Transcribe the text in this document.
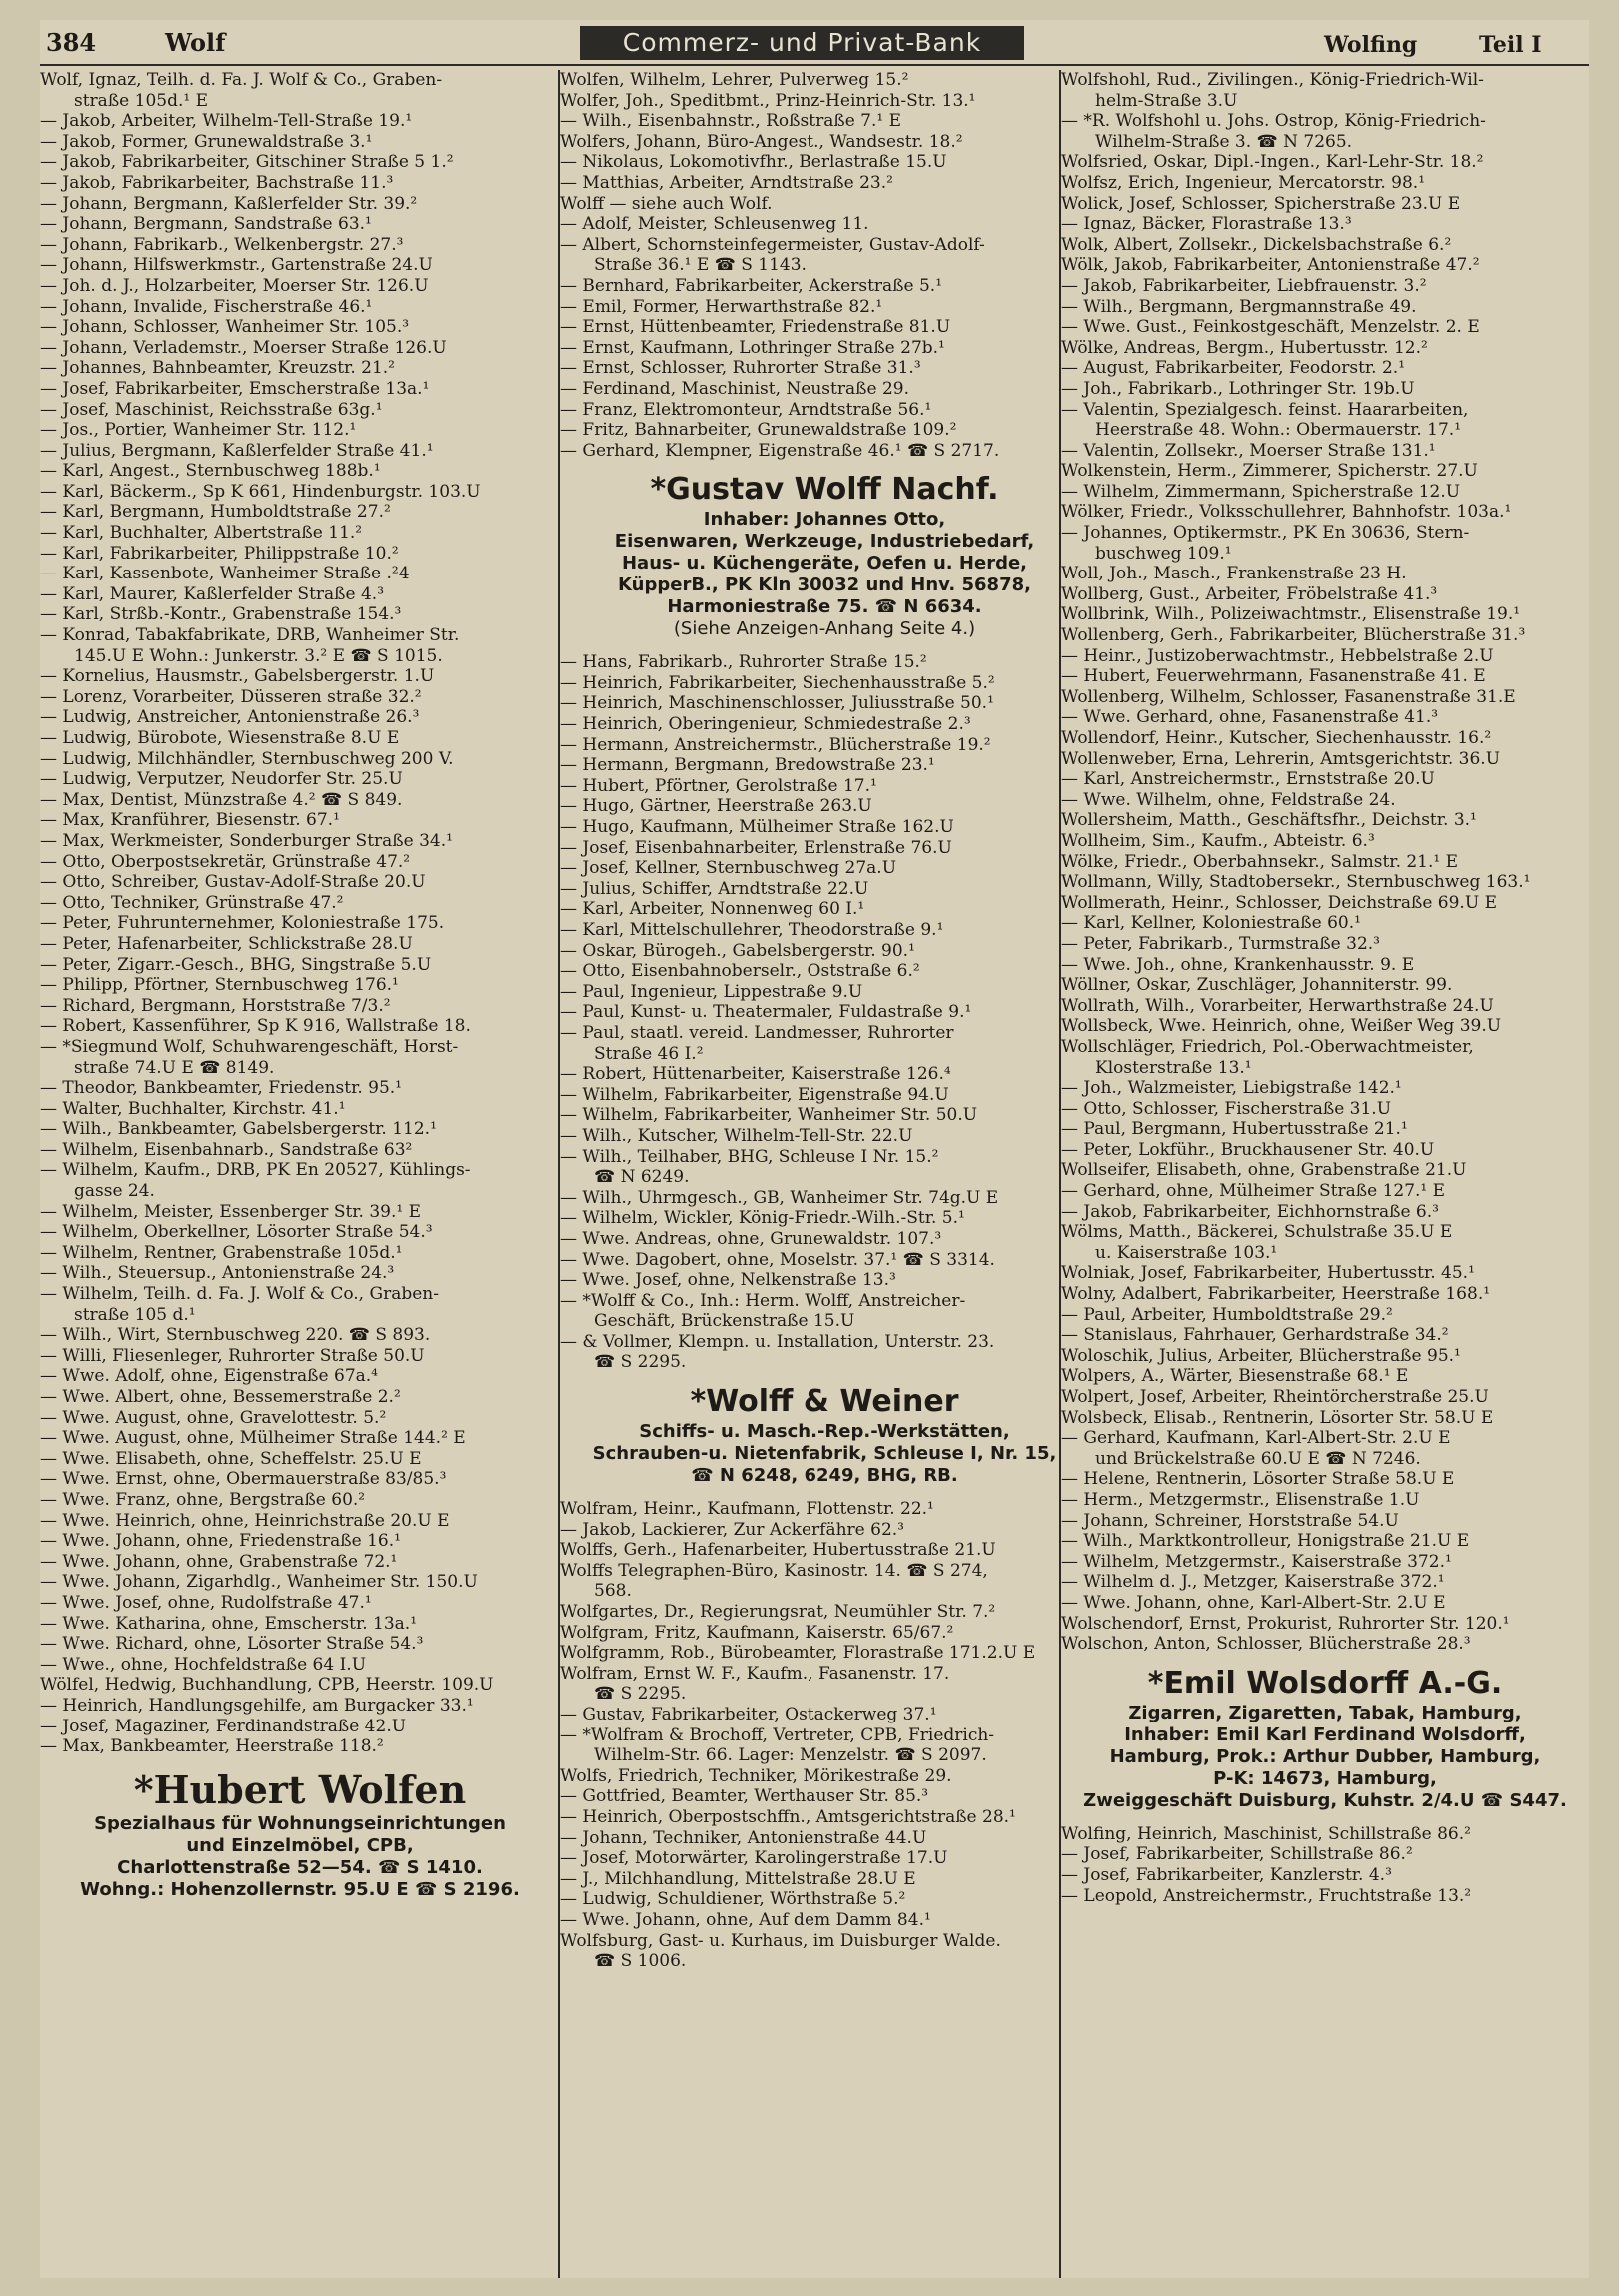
384	Wolf	Commerz- und Privat-Bank	Wolfing	Teil I
Wolf, Ignaz, Teilh. d. Fa. J. Wolf & Co., Graben-
straße 105d.¹ E
— Jakob, Arbeiter, Wilhelm-Tell-Straße 19.¹
— Jakob, Former, Grunewaldstraße 3.¹
— Jakob, Fabrikarbeiter, Gitschiner Straße 5 1.²
— Jakob, Fabrikarbeiter, Bachstraße 11.³
— Johann, Bergmann, Kaßlerfelder Str. 39.²
— Johann, Bergmann, Sandstraße 63.¹
— Johann, Fabrikarb., Welkenbergstr. 27.³
— Johann, Hilfswerkmstr., Gartenstraße 24.U
— Joh. d. J., Holzarbeiter, Moerser Str. 126.U
— Johann, Invalide, Fischerstraße 46.¹
— Johann, Schlosser, Wanheimer Str. 105.³
— Johann, Verlademstr., Moerser Straße 126.U
— Johannes, Bahnbeamter, Kreuzstr. 21.²
— Josef, Fabrikarbeiter, Emscherstraße 13a.¹
— Josef, Maschinist, Reichsstraße 63g.¹
— Jos., Portier, Wanheimer Str. 112.¹
— Julius, Bergmann, Kaßlerfelder Straße 41.¹
— Karl, Angest., Sternbuschweg 188b.¹
— Karl, Bäckerm., Sp K 661, Hindenburgstr. 103.U
— Karl, Bergmann, Humboldtstraße 27.²
— Karl, Buchhalter, Albertstraße 11.²
— Karl, Fabrikarbeiter, Philippstraße 10.²
— Karl, Kassenbote, Wanheimer Straße .²4
— Karl, Maurer, Kaßlerfelder Straße 4.³
— Karl, Strßb.-Kontr., Grabenstraße 154.³
— Konrad, Tabakfabrikate, DRB, Wanheimer Str.
145.U E Wohn.: Junkerstr. 3.² E ☎ S 1015.
— Kornelius, Hausmstr., Gabelsbergerstr. 1.U
— Lorenz, Vorarbeiter, Düsseren straße 32.²
— Ludwig, Anstreicher, Antonienstraße 26.³
— Ludwig, Bürobote, Wiesenstraße 8.U E
— Ludwig, Milchhändler, Sternbuschweg 200 V.
— Ludwig, Verputzer, Neudorfer Str. 25.U
— Max, Dentist, Münzstraße 4.² ☎ S 849.
— Max, Kranführer, Biesenstr. 67.¹
— Max, Werkmeister, Sonderburger Straße 34.¹
— Otto, Oberpostsekretär, Grünstraße 47.²
— Otto, Schreiber, Gustav-Adolf-Straße 20.U
— Otto, Techniker, Grünstraße 47.²
— Peter, Fuhrunternehmer, Koloniestraße 175.
— Peter, Hafenarbeiter, Schlickstraße 28.U
— Peter, Zigarr.-Gesch., BHG, Singstraße 5.U
— Philipp, Pförtner, Sternbuschweg 176.¹
— Richard, Bergmann, Horststraße 7/3.²
— Robert, Kassenführer, Sp K 916, Wallstraße 18.
— *Siegmund Wolf, Schuhwarengeschäft, Horst-
straße 74.U E ☎ 8149.
— Theodor, Bankbeamter, Friedenstr. 95.¹
— Walter, Buchhalter, Kirchstr. 41.¹
— Wilh., Bankbeamter, Gabelsbergerstr. 112.¹
— Wilhelm, Eisenbahnarb., Sandstraße 63²
— Wilhelm, Kaufm., DRB, PK En 20527, Kühlings-
gasse 24.
— Wilhelm, Meister, Essenberger Str. 39.¹ E
— Wilhelm, Oberkellner, Lösorter Straße 54.³
— Wilhelm, Rentner, Grabenstraße 105d.¹
— Wilh., Steuersup., Antonienstraße 24.³
— Wilhelm, Teilh. d. Fa. J. Wolf & Co., Graben-
straße 105 d.¹
— Wilh., Wirt, Sternbuschweg 220. ☎ S 893.
— Willi, Fliesenleger, Ruhrorter Straße 50.U
— Wwe. Adolf, ohne, Eigenstraße 67a.⁴
— Wwe. Albert, ohne, Bessemerstraße 2.²
— Wwe. August, ohne, Gravelottestr. 5.²
— Wwe. August, ohne, Mülheimer Straße 144.² E
— Wwe. Elisabeth, ohne, Scheffelstr. 25.U E
— Wwe. Ernst, ohne, Obermauerstraße 83/85.³
— Wwe. Franz, ohne, Bergstraße 60.²
— Wwe. Heinrich, ohne, Heinrichstraße 20.U E
— Wwe. Johann, ohne, Friedenstraße 16.¹
— Wwe. Johann, ohne, Grabenstraße 72.¹
— Wwe. Johann, Zigarhdlg., Wanheimer Str. 150.U
— Wwe. Josef, ohne, Rudolfstraße 47.¹
— Wwe. Katharina, ohne, Emscherstr. 13a.¹
— Wwe. Richard, ohne, Lösorter Straße 54.³
— Wwe., ohne, Hochfeldstraße 64 I.U
Wölfel, Hedwig, Buchhandlung, CPB, Heerstr. 109.U
— Heinrich, Handlungsgehilfe, am Burgacker 33.¹
— Josef, Magaziner, Ferdinandstraße 42.U
— Max, Bankbeamter, Heerstraße 118.²
*Hubert Wolfen
Spezialhaus für Wohnungseinrichtungen
und Einzelmöbel, CPB,
Charlottenstraße 52—54. ☎ S 1410.
Wohng.: Hohenzollernstr. 95.U E ☎ S 2196.
Wolfen, Wilhelm, Lehrer, Pulverweg 15.²
Wolfer, Joh., Speditbmt., Prinz-Heinrich-Str. 13.¹
— Wilh., Eisenbahnstr., Roßstraße 7.¹ E
Wolfers, Johann, Büro-Angest., Wandsestr. 18.²
— Nikolaus, Lokomotivfhr., Berlastraße 15.U
— Matthias, Arbeiter, Arndtstraße 23.²
Wolff — siehe auch Wolf.
— Adolf, Meister, Schleusenweg 11.
— Albert, Schornsteinfegermeister, Gustav-Adolf-
Straße 36.¹ E ☎ S 1143.
— Bernhard, Fabrikarbeiter, Ackerstraße 5.¹
— Emil, Former, Herwarthstraße 82.¹
— Ernst, Hüttenbeamter, Friedenstraße 81.U
— Ernst, Kaufmann, Lothringer Straße 27b.¹
— Ernst, Schlosser, Ruhrorter Straße 31.³
— Ferdinand, Maschinist, Neustraße 29.
— Franz, Elektromonteur, Arndtstraße 56.¹
— Fritz, Bahnarbeiter, Grunewaldstraße 109.²
— Gerhard, Klempner, Eigenstraße 46.¹ ☎ S 2717.
*Gustav Wolff Nachf.
Inhaber: Johannes Otto,
Eisenwaren, Werkzeuge, Industriebedarf,
Haus- u. Küchengeräte, Oefen u. Herde,
KüpperB., PK Kln 30032 und Hnv. 56878,
Harmoniestraße 75. ☎ N 6634.
(Siehe Anzeigen-Anhang Seite 4.)
— Hans, Fabrikarb., Ruhrorter Straße 15.²
— Heinrich, Fabrikarbeiter, Siechenhausstraße 5.²
— Heinrich, Maschinenschlosser, Juliusstraße 50.¹
— Heinrich, Oberingenieur, Schmiedestraße 2.³
— Hermann, Anstreichermstr., Blücherstraße 19.²
— Hermann, Bergmann, Bredowstraße 23.¹
— Hubert, Pförtner, Gerolstraße 17.¹
— Hugo, Gärtner, Heerstraße 263.U
— Hugo, Kaufmann, Mülheimer Straße 162.U
— Josef, Eisenbahnarbeiter, Erlenstraße 76.U
— Josef, Kellner, Sternbuschweg 27a.U
— Julius, Schiffer, Arndtstraße 22.U
— Karl, Arbeiter, Nonnenweg 60 I.¹
— Karl, Mittelschullehrer, Theodorstraße 9.¹
— Oskar, Bürogeh., Gabelsbergerstr. 90.¹
— Otto, Eisenbahnoberselr., Oststraße 6.²
— Paul, Ingenieur, Lippestraße 9.U
— Paul, Kunst- u. Theatermaler, Fuldastraße 9.¹
— Paul, staatl. vereid. Landmesser, Ruhrorter
Straße 46 I.²
— Robert, Hüttenarbeiter, Kaiserstraße 126.⁴
— Wilhelm, Fabrikarbeiter, Eigenstraße 94.U
— Wilhelm, Fabrikarbeiter, Wanheimer Str. 50.U
— Wilh., Kutscher, Wilhelm-Tell-Str. 22.U
— Wilh., Teilhaber, BHG, Schleuse I Nr. 15.²
☎ N 6249.
— Wilh., Uhrmgesch., GB, Wanheimer Str. 74g.U E
— Wilhelm, Wickler, König-Friedr.-Wilh.-Str. 5.¹
— Wwe. Andreas, ohne, Grunewaldstr. 107.³
— Wwe. Dagobert, ohne, Moselstr. 37.¹ ☎ S 3314.
— Wwe. Josef, ohne, Nelkenstraße 13.³
— *Wolff & Co., Inh.: Herm. Wolff, Anstreicher-
Geschäft, Brückenstraße 15.U
— & Vollmer, Klempn. u. Installation, Unterstr. 23.
☎ S 2295.
*Wolff & Weiner
Schiffs- u. Masch.-Rep.-Werkstätten,
Schrauben-u. Nietenfabrik, Schleuse I, Nr. 15,
☎ N 6248, 6249, BHG, RB.
Wolfram, Heinr., Kaufmann, Flottenstr. 22.¹
— Jakob, Lackierer, Zur Ackerfähre 62.³
Wolffs, Gerh., Hafenarbeiter, Hubertusstraße 21.U
Wolffs Telegraphen-Büro, Kasinostr. 14. ☎ S 274,
568.
Wolfgartes, Dr., Regierungsrat, Neumühler Str. 7.²
Wolfgram, Fritz, Kaufmann, Kaiserstr. 65/67.²
Wolfgramm, Rob., Bürobeamter, Florastraße 171.2.U E
Wolfram, Ernst W. F., Kaufm., Fasanenstr. 17.
☎ S 2295.
— Gustav, Fabrikarbeiter, Ostackerweg 37.¹
— *Wolfram & Brochoff, Vertreter, CPB, Friedrich-
Wilhelm-Str. 66. Lager: Menzelstr. ☎ S 2097.
Wolfs, Friedrich, Techniker, Mörikestraße 29.
— Gottfried, Beamter, Werthauser Str. 85.³
— Heinrich, Oberpostschffn., Amtsgerichtstraße 28.¹
— Johann, Techniker, Antonienstraße 44.U
— Josef, Motorwärter, Karolingerstraße 17.U
— J., Milchhandlung, Mittelstraße 28.U E
— Ludwig, Schuldiener, Wörthstraße 5.²
— Wwe. Johann, ohne, Auf dem Damm 84.¹
Wolfsburg, Gast- u. Kurhaus, im Duisburger Walde.
☎ S 1006.
Wolfshohl, Rud., Zivilingen., König-Friedrich-Wil-
helm-Straße 3.U
— *R. Wolfshohl u. Johs. Ostrop, König-Friedrich-
Wilhelm-Straße 3. ☎ N 7265.
Wolfsried, Oskar, Dipl.-Ingen., Karl-Lehr-Str. 18.²
Wolfsz, Erich, Ingenieur, Mercatorstr. 98.¹
Wolick, Josef, Schlosser, Spicherstraße 23.U E
— Ignaz, Bäcker, Florastraße 13.³
Wolk, Albert, Zollsekr., Dickelsbachstraße 6.²
Wölk, Jakob, Fabrikarbeiter, Antonienstraße 47.²
— Jakob, Fabrikarbeiter, Liebfrauenstr. 3.²
— Wilh., Bergmann, Bergmannstraße 49.
— Wwe. Gust., Feinkostgeschäft, Menzelstr. 2. E
Wölke, Andreas, Bergm., Hubertusstr. 12.²
— August, Fabrikarbeiter, Feodorstr. 2.¹
— Joh., Fabrikarb., Lothringer Str. 19b.U
— Valentin, Spezialgesch. feinst. Haararbeiten,
Heerstraße 48. Wohn.: Obermauerstr. 17.¹
— Valentin, Zollsekr., Moerser Straße 131.¹
Wolkenstein, Herm., Zimmerer, Spicherstr. 27.U
— Wilhelm, Zimmermann, Spicherstraße 12.U
Wölker, Friedr., Volksschullehrer, Bahnhofstr. 103a.¹
— Johannes, Optikermstr., PK En 30636, Stern-
buschweg 109.¹
Woll, Joh., Masch., Frankenstraße 23 H.
Wollberg, Gust., Arbeiter, Fröbelstraße 41.³
Wollbrink, Wilh., Polizeiwachtmstr., Elisenstraße 19.¹
Wollenberg, Gerh., Fabrikarbeiter, Blücherstraße 31.³
— Heinr., Justizoberwachtmstr., Hebbelstraße 2.U
— Hubert, Feuerwehrmann, Fasanenstraße 41. E
Wollenberg, Wilhelm, Schlosser, Fasanenstraße 31.E
— Wwe. Gerhard, ohne, Fasanenstraße 41.³
Wollendorf, Heinr., Kutscher, Siechenhausstr. 16.²
Wollenweber, Erna, Lehrerin, Amtsgerichtstr. 36.U
— Karl, Anstreichermstr., Ernststraße 20.U
— Wwe. Wilhelm, ohne, Feldstraße 24.
Wollersheim, Matth., Geschäftsfhr., Deichstr. 3.¹
Wollheim, Sim., Kaufm., Abteistr. 6.³
Wölke, Friedr., Oberbahnsekr., Salmstr. 21.¹ E
Wollmann, Willy, Stadtobersekr., Sternbuschweg 163.¹
Wollmerath, Heinr., Schlosser, Deichstraße 69.U E
— Karl, Kellner, Koloniestraße 60.¹
— Peter, Fabrikarb., Turmstraße 32.³
— Wwe. Joh., ohne, Krankenhausstr. 9. E
Wöllner, Oskar, Zuschläger, Johanniterstr. 99.
Wollrath, Wilh., Vorarbeiter, Herwarthstraße 24.U
Wollsbeck, Wwe. Heinrich, ohne, Weißer Weg 39.U
Wollschläger, Friedrich, Pol.-Oberwachtmeister,
Klosterstraße 13.¹
— Joh., Walzmeister, Liebigstraße 142.¹
— Otto, Schlosser, Fischerstraße 31.U
— Paul, Bergmann, Hubertusstraße 21.¹
— Peter, Lokführ., Bruckhausener Str. 40.U
Wollseifer, Elisabeth, ohne, Grabenstraße 21.U
— Gerhard, ohne, Mülheimer Straße 127.¹ E
— Jakob, Fabrikarbeiter, Eichhornstraße 6.³
Wölms, Matth., Bäckerei, Schulstraße 35.U E
u. Kaiserstraße 103.¹
Wolniak, Josef, Fabrikarbeiter, Hubertusstr. 45.¹
Wolny, Adalbert, Fabrikarbeiter, Heerstraße 168.¹
— Paul, Arbeiter, Humboldtstraße 29.²
— Stanislaus, Fahrhauer, Gerhardstraße 34.²
Woloschik, Julius, Arbeiter, Blücherstraße 95.¹
Wolpers, A., Wärter, Biesenstraße 68.¹ E
Wolpert, Josef, Arbeiter, Rheintörcherstraße 25.U
Wolsbeck, Elisab., Rentnerin, Lösorter Str. 58.U E
— Gerhard, Kaufmann, Karl-Albert-Str. 2.U E
und Brückelstraße 60.U E ☎ N 7246.
— Helene, Rentnerin, Lösorter Straße 58.U E
— Herm., Metzgermstr., Elisenstraße 1.U
— Johann, Schreiner, Horststraße 54.U
— Wilh., Marktkontrolleur, Honigstraße 21.U E
— Wilhelm, Metzgermstr., Kaiserstraße 372.¹
— Wilhelm d. J., Metzger, Kaiserstraße 372.¹
— Wwe. Johann, ohne, Karl-Albert-Str. 2.U E
Wolschendorf, Ernst, Prokurist, Ruhrorter Str. 120.¹
Wolschon, Anton, Schlosser, Blücherstraße 28.³
*Emil Wolsdorff A.-G.
Zigarren, Zigaretten, Tabak, Hamburg,
Inhaber: Emil Karl Ferdinand Wolsdorff,
Hamburg, Prok.: Arthur Dubber, Hamburg,
P-K: 14673, Hamburg,
Zweiggeschäft Duisburg, Kuhstr. 2/4.U ☎ S447.
Wolfing, Heinrich, Maschinist, Schillstraße 86.²
— Josef, Fabrikarbeiter, Schillstraße 86.²
— Josef, Fabrikarbeiter, Kanzlerstr. 4.³
— Leopold, Anstreichermstr., Fruchtstraße 13.²
